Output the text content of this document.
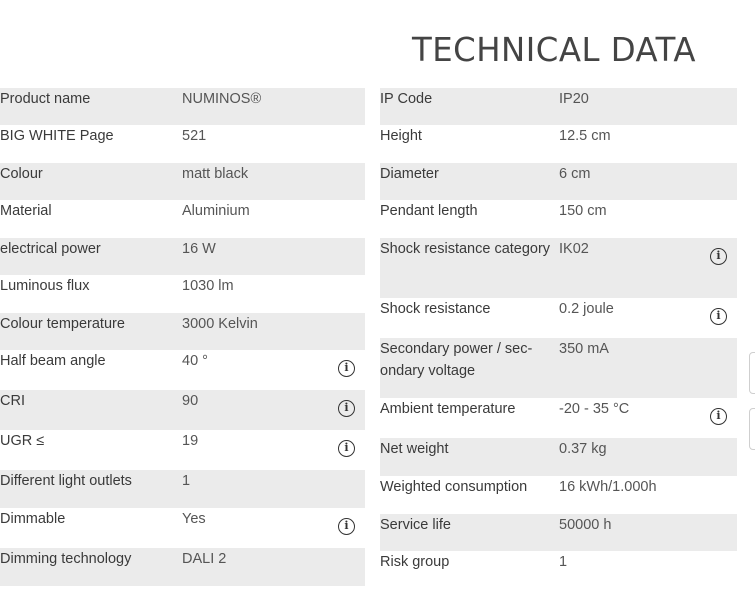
TECHNICAL DATA
Product name	NUMINOS®	
BIG WHITE Page	521	
Colour	matt black	
Material	Aluminium	
electrical power	16 W	
Luminous flux	1030 lm	
Colour temperature	3000 Kelvin	
Half beam angle	40 °	i

CRI	90	i

UGR ≤	19	i

Different light outlets	1	
Dimmable	Yes	i

Dimming technology	DALI 2	
IP Code	IP20	
Height	12.5 cm	
Diameter	6 cm	
Pendant length	150 cm	
Shock resistance category	IK02	i

Shock resistance	0.2 joule	i

Secondary power / secondary voltage	350 mA	
Ambient temperature	-20 - 35 °C	i

Net weight	0.37 kg	
Weighted consumption	16 kWh/1.000h	
Service life	50000 h	
Risk group	1	
